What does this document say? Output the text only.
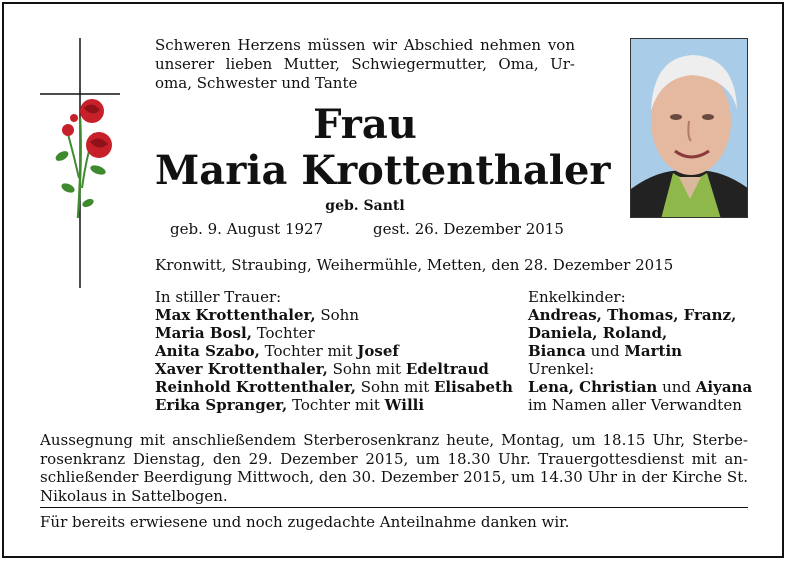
Schweren Herzens müssen wir Abschied nehmen von unserer lieben Mutter, Schwiegermutter, Oma, Ur-oma, Schwester und Tante
Frau
Maria Krottenthaler
geb. Santl
geb. 9. August 1927	gest. 26. Dezember 2015
Kronwitt, Straubing, Weihermühle, Metten, den 28. Dezember 2015
In stiller Trauer:
Max Krottenthaler, Sohn
Maria Bosl, Tochter
Anita Szabo, Tochter mit Josef
Xaver Krottenthaler, Sohn mit Edeltraud
Reinhold Krottenthaler, Sohn mit Elisabeth
Erika Spranger, Tochter mit Willi
Enkelkinder:
Andreas, Thomas, Franz,
Daniela, Roland,
Bianca und Martin
Urenkel:
Lena, Christian und Aiyana
im Namen aller Verwandten
Aussegnung mit anschließendem Sterberosenkranz heute, Montag, um 18.15 Uhr, Sterbe-rosenkranz Dienstag, den 29. Dezember 2015, um 18.30 Uhr. Trauergottesdienst mit an-schließender Beerdigung Mittwoch, den 30. Dezember 2015, um 14.30 Uhr in der Kirche St. Nikolaus in Sattelbogen.
Für bereits erwiesene und noch zugedachte Anteilnahme danken wir.
